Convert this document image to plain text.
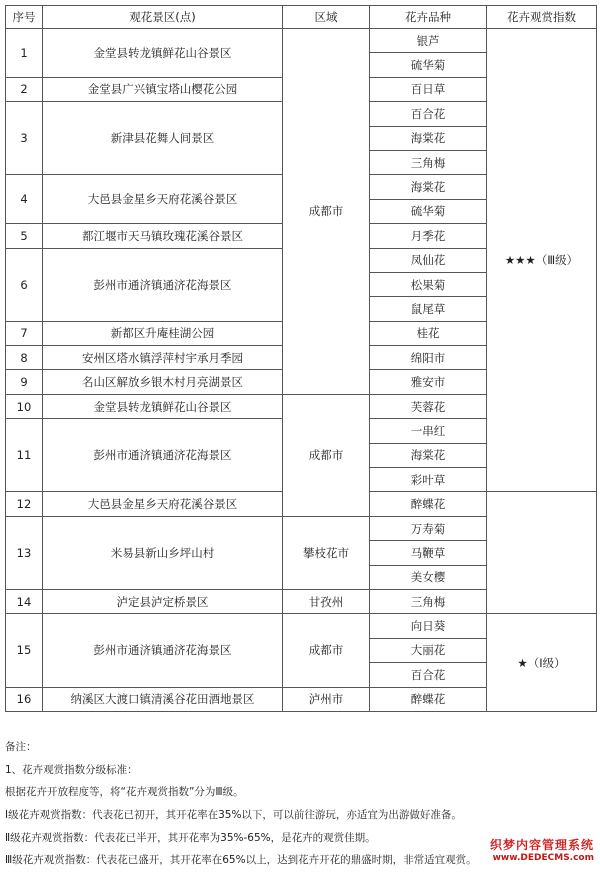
序号	观花景区(点)	区域	花卉品种	花卉观赏指数	
1	金堂县转龙镇鲜花山谷景区	成都市	银芦	★★★（Ⅲ级）	
			硫华菊		
2	金堂县广兴镇宝塔山樱花公园		百日草		
3	新津县花舞人间景区		百合花		
			海棠花		
			三角梅		
4	大邑县金星乡天府花溪谷景区		海棠花		
			硫华菊		
5	都江堰市天马镇玫瑰花溪谷景区		月季花		
6	彭州市通济镇通济花海景区		凤仙花		
			松果菊		
			鼠尾草		
7	新都区升庵桂湖公园		桂花		
8	安州区塔水镇浮萍村宇承月季园		绵阳市	
9	名山区解放乡银木村月亮湖景区		雅安市	
10	金堂县转龙镇鲜花山谷景区	成都市	芙蓉花	
11	彭州市通济镇通济花海景区		一串红		
			海棠花		
			彩叶草		
12	大邑县金星乡天府花溪谷景区		醉蝶花		
13	米易县新山乡坪山村	攀枝花市	万寿菊		
			马鞭草		
			美女樱		
14	泸定县泸定桥景区	甘孜州	三角梅		
15	彭州市通济镇通济花海景区	成都市	向日葵	★（Ⅰ级）	
			大丽花		
			百合花		
16	纳溪区大渡口镇清溪谷花田酒地景区	泸州市	醉蝶花		
备注：
1、花卉观赏指数分级标准：
根据花卉开放程度等，将“花卉观赏指数”分为Ⅲ级。
Ⅰ级花卉观赏指数：代表花已初开，其开花率在35%以下，可以前往游玩，亦适宜为出游做好准备。
Ⅱ级花卉观赏指数：代表花已半开，其开花率为35%-65%，是花卉的观赏佳期。
Ⅲ级花卉观赏指数：代表花已盛开，其开花率在65%以上，达到花卉开花的鼎盛时期，非常适宜观赏。
织梦内容管理系统
www.DEDECMS.com
